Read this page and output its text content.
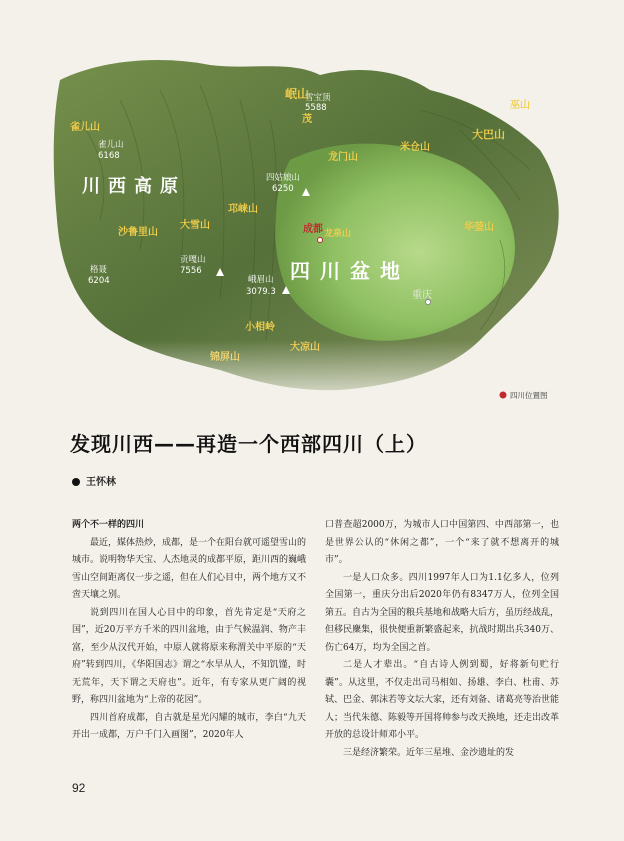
川西高原
四川盆地
雪宝顶
5588
雀儿山
6168
四姑娘山
6250
贡嘎山
7556
格聂
6204	峨眉山
3079.3
岷山
茂
邛崃山
大雪山
沙鲁里山
米仓山
大巴山
龙门山
龙泉山
华蓥山
小相岭
巫山
雀儿山
成都
重庆
四川位置图
发现川西——再造一个西部四川（上）
王怀林
两个不一样的四川

最近，媒体热炒，成都，是一个在阳台就可遥望雪山的城市。说明物华天宝、人杰地灵的成都平原，距川西的巍峨雪山空间距离仅一步之遥，但在人们心目中，两个地方又不啻天壤之别。

说到四川在国人心目中的印象，首先肯定是“天府之国”，近20万平方千米的四川盆地，由于气候温润、物产丰富，至少从汉代开始，中原人就将原来称渭关中平原的“天府”转到四川，《华阳国志》谓之“水旱从人，不知饥馑，时无荒年，天下谓之天府也”。近年，有专家从更广阔的视野，称四川盆地为“上帝的花园”。

四川首府成都，自古就是星光闪耀的城市，李白“九天开出一成都，万户千门入画图”，2020年人

口普查超2000万，为城市人口中国第四、中西部第一，也是世界公认的“休闲之都”，一个“来了就不想离开的城市”。

一是人口众多。四川1997年人口为1.1亿多人，位列全国第一，重庆分出后2020年仍有8347万人，位列全国第五。自古为全国的粮兵基地和战略大后方，虽历经战乱，但移民麇集，很快便重新繁盛起来，抗战时期出兵340万、伤亡64万，均为全国之首。

二是人才辈出。“自古诗人例到蜀，好将新句贮行囊”。从这里，不仅走出司马相如、扬雄、李白、杜甫、苏轼、巴金、郭沫若等文坛大家，还有刘备、诸葛亮等治世能人；当代朱德、陈毅等开国将帅参与改天换地，还走出改革开放的总设计师邓小平。

三是经济繁荣。近年三星堆、金沙遗址的发

92
